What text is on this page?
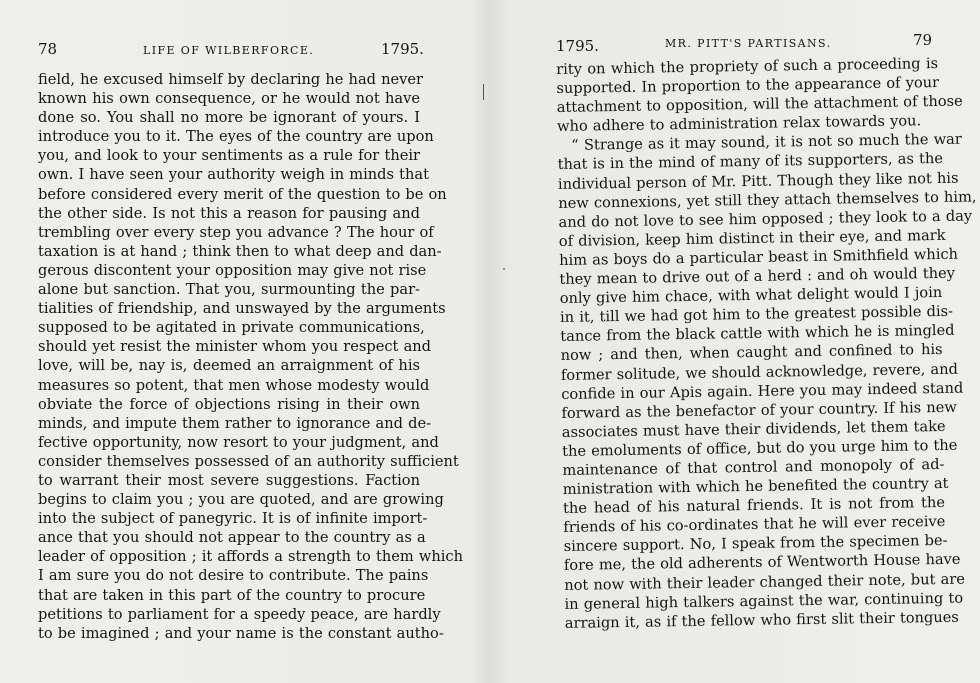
78	LIFE OF WILBERFORCE.	1795.
field, he excused himself by declaring he had never
known his own consequence, or he would not have
done so. You shall no more be ignorant of yours. I
introduce you to it. The eyes of the country are upon
you, and look to your sentiments as a rule for their
own. I have seen your authority weigh in minds that
before considered every merit of the question to be on
the other side. Is not this a reason for pausing and
trembling over every step you advance ? The hour of
taxation is at hand ; think then to what deep and dan-
gerous discontent your opposition may give not rise
alone but sanction. That you, surmounting the par-
tialities of friendship, and unswayed by the arguments
supposed to be agitated in private communications,
should yet resist the minister whom you respect and
love, will be, nay is, deemed an arraignment of his
measures so potent, that men whose modesty would
obviate the force of objections rising in their own
minds, and impute them rather to ignorance and de-
fective opportunity, now resort to your judgment, and
consider themselves possessed of an authority sufficient
to warrant their most severe suggestions. Faction
begins to claim you ; you are quoted, and are growing
into the subject of panegyric. It is of infinite import-
ance that you should not appear to the country as a
leader of opposition ; it affords a strength to them which
I am sure you do not desire to contribute. The pains
that are taken in this part of the country to procure
petitions to parliament for a speedy peace, are hardly
to be imagined ; and your name is the constant autho-
1795.	MR. PITT'S PARTISANS.	79
rity on which the propriety of such a proceeding is
supported. In proportion to the appearance of your
attachment to opposition, will the attachment of those
who adhere to administration relax towards you.
“ Strange as it may sound, it is not so much the war
that is in the mind of many of its supporters, as the
individual person of Mr. Pitt. Though they like not his
new connexions, yet still they attach themselves to him,
and do not love to see him opposed ; they look to a day
of division, keep him distinct in their eye, and mark
him as boys do a particular beast in Smithfield which
they mean to drive out of a herd : and oh would they
only give him chace, with what delight would I join
in it, till we had got him to the greatest possible dis-
tance from the black cattle with which he is mingled
now ; and then, when caught and confined to his
former solitude, we should acknowledge, revere, and
confide in our Apis again. Here you may indeed stand
forward as the benefactor of your country. If his new
associates must have their dividends, let them take
the emoluments of office, but do you urge him to the
maintenance of that control and monopoly of ad-
ministration with which he benefited the country at
the head of his natural friends. It is not from the
friends of his co-ordinates that he will ever receive
sincere support. No, I speak from the specimen be-
fore me, the old adherents of Wentworth House have
not now with their leader changed their note, but are
in general high talkers against the war, continuing to
arraign it, as if the fellow who first slit their tongues
